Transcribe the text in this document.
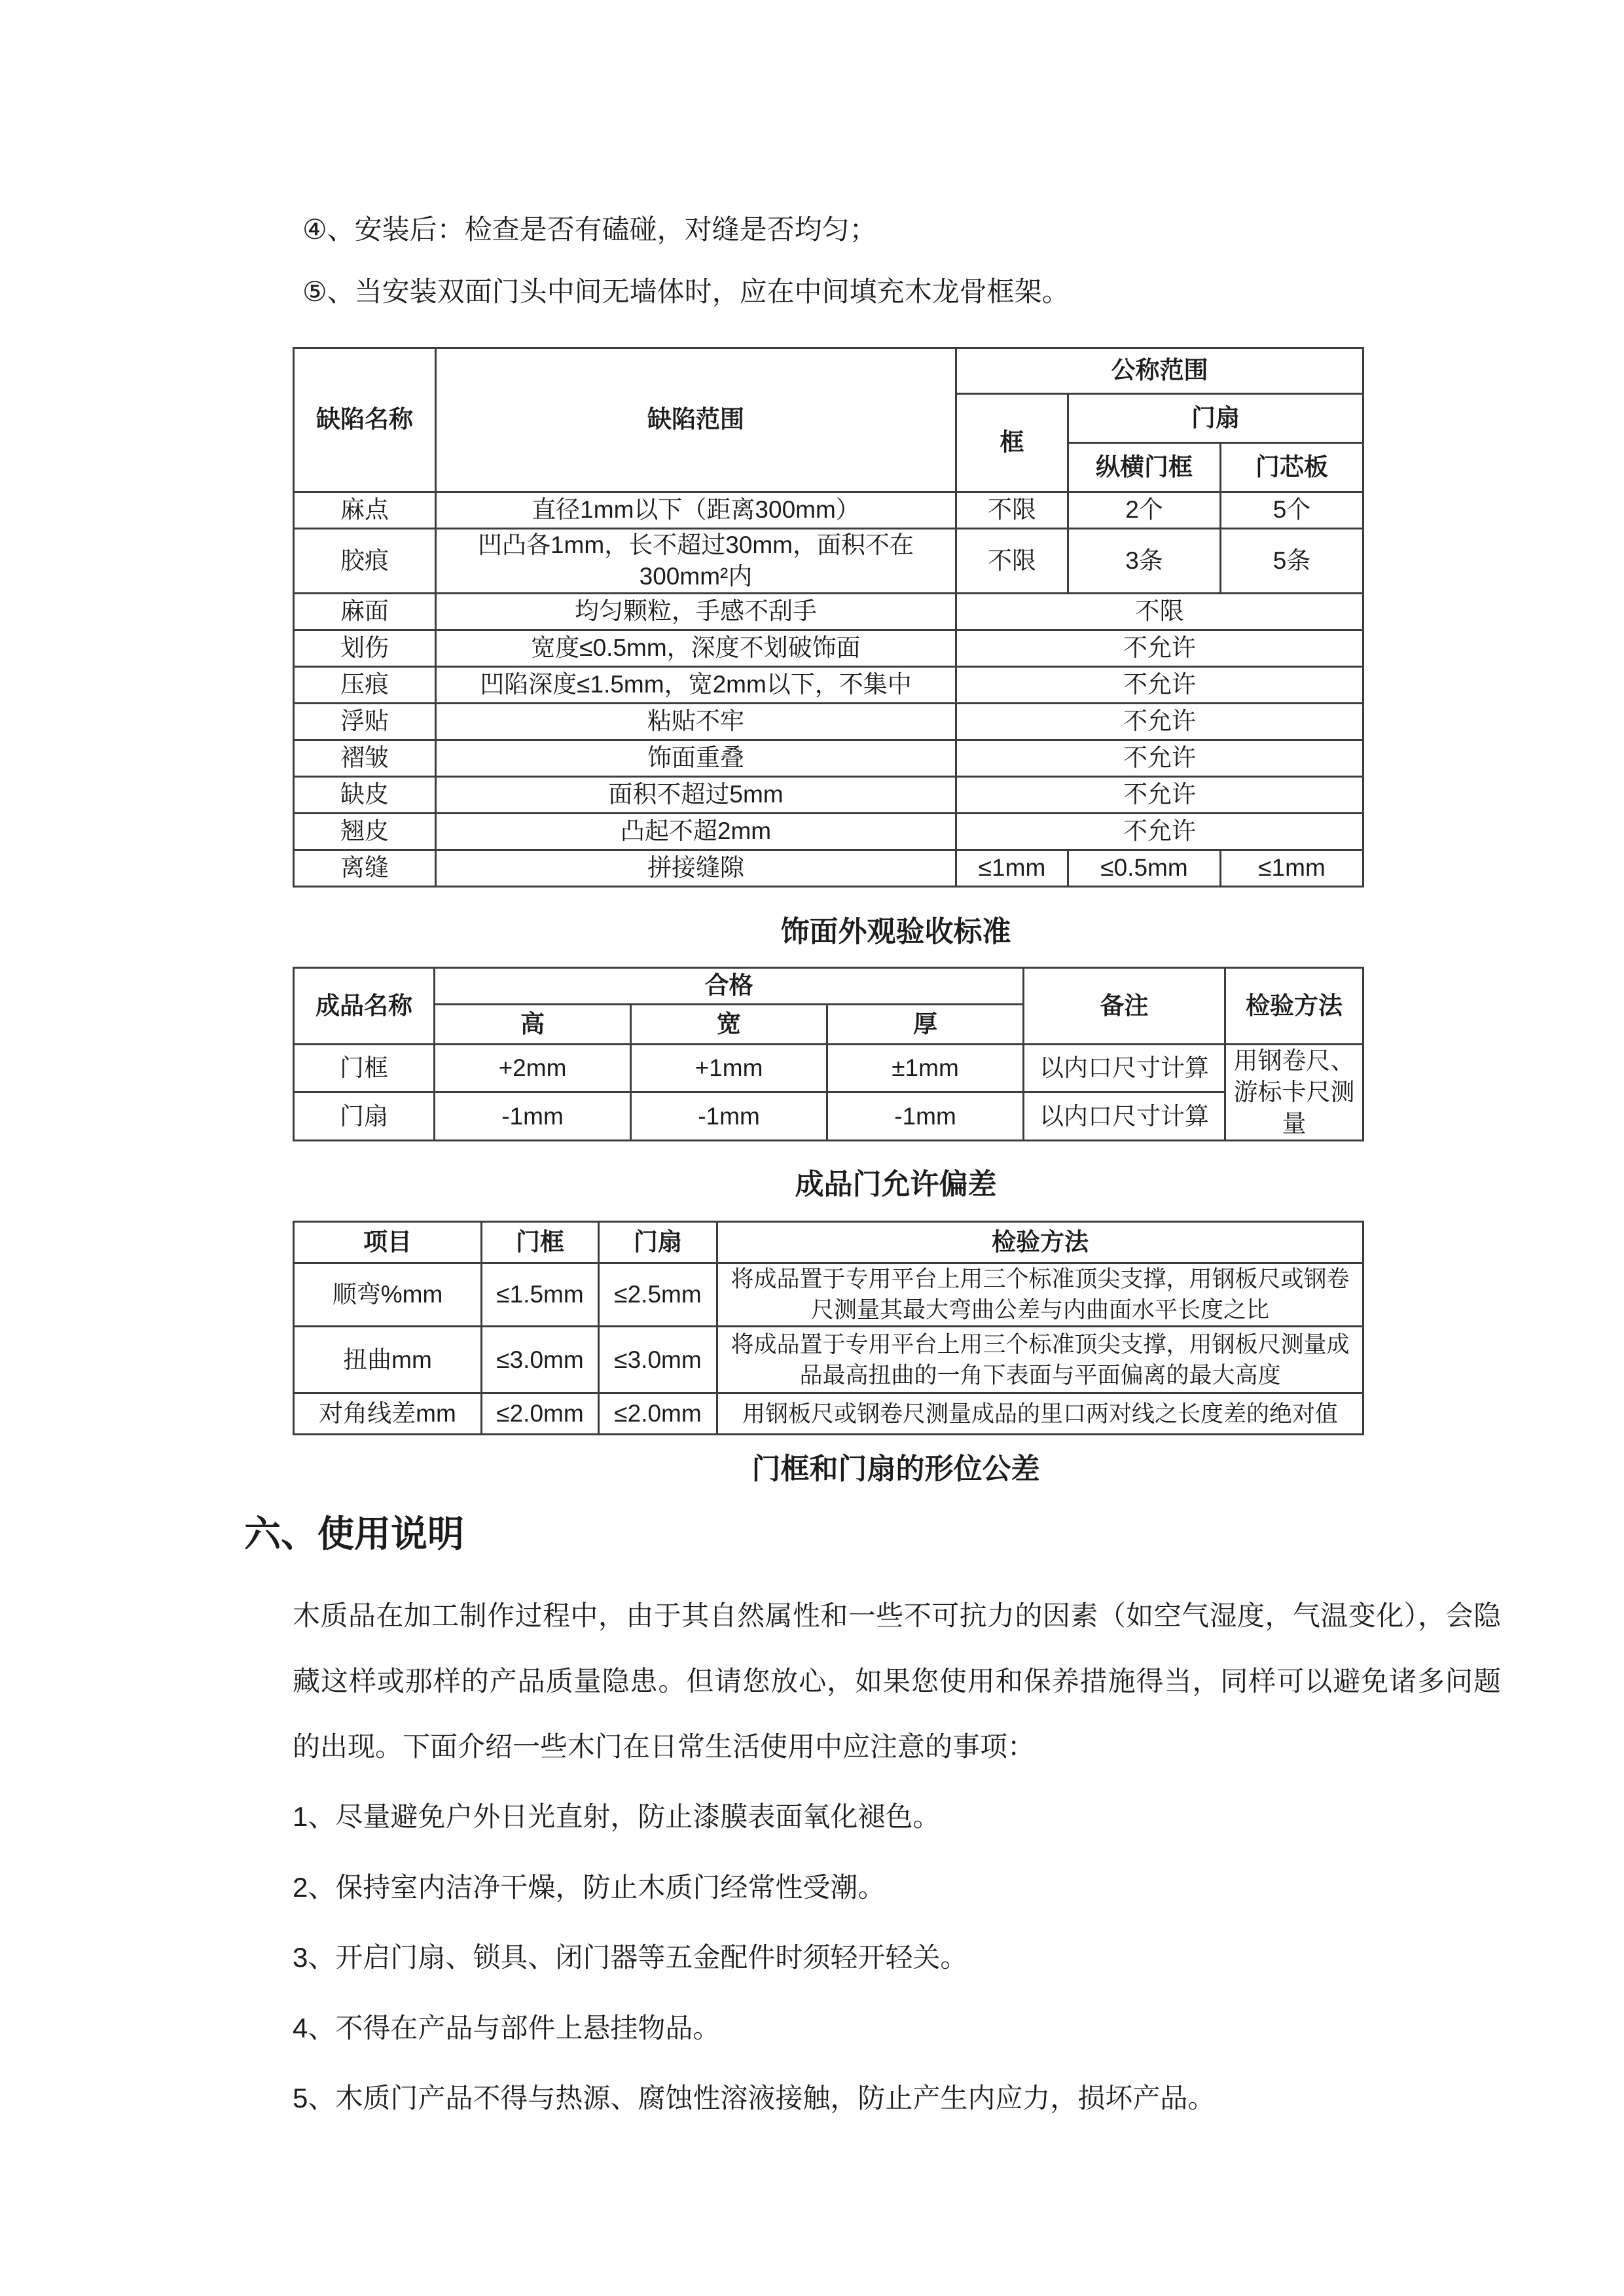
④、安装后：检查是否有磕碰，对缝是否均匀；

⑤、当安装双面门头中间无墙体时，应在中间填充木龙骨框架。

缺陷名称	缺陷范围	公称范围		
		框	门扇	
			纵横门框	门芯板
麻点	直径1mm以下（距离300mm）	不限	2个	5个
胶痕	凹凸各1mm，长不超过30mm，面积不在300mm²内	不限	3条	5条
麻面	均匀颗粒，手感不刮手	不限		
划伤	宽度≤0.5mm，深度不划破饰面	不允许		
压痕	凹陷深度≤1.5mm，宽2mm以下，不集中	不允许		
浮贴	粘贴不牢	不允许		
褶皱	饰面重叠	不允许		
缺皮	面积不超过5mm	不允许		
翘皮	凸起不超2mm	不允许		
离缝	拼接缝隙	≤1mm	≤0.5mm	≤1mm

饰面外观验收标准

成品名称	合格			备注	检验方法
	高	宽	厚		
门框	+2mm	+1mm	±1mm	以内口尺寸计算	用钢卷尺、游标卡尺测量
门扇	-1mm	-1mm	-1mm	以内口尺寸计算	

成品门允许偏差

项目	门框	门扇	检验方法
顺弯%mm	≤1.5mm	≤2.5mm	将成品置于专用平台上用三个标准顶尖支撑，用钢板尺或钢卷尺测量其最大弯曲公差与内曲面水平长度之比
扭曲mm	≤3.0mm	≤3.0mm	将成品置于专用平台上用三个标准顶尖支撑，用钢板尺测量成品最高扭曲的一角下表面与平面偏离的最大高度
对角线差mm	≤2.0mm	≤2.0mm	用钢板尺或钢卷尺测量成品的里口两对线之长度差的绝对值

门框和门扇的形位公差

六、使用说明

木质品在加工制作过程中，由于其自然属性和一些不可抗力的因素（如空气湿度，气温变化），会隐藏这样或那样的产品质量隐患。但请您放心，如果您使用和保养措施得当，同样可以避免诸多问题的出现。下面介绍一些木门在日常生活使用中应注意的事项：

1、尽量避免户外日光直射，防止漆膜表面氧化褪色。

2、保持室内洁净干燥，防止木质门经常性受潮。

3、开启门扇、锁具、闭门器等五金配件时须轻开轻关。

4、不得在产品与部件上悬挂物品。

5、木质门产品不得与热源、腐蚀性溶液接触，防止产生内应力，损坏产品。
